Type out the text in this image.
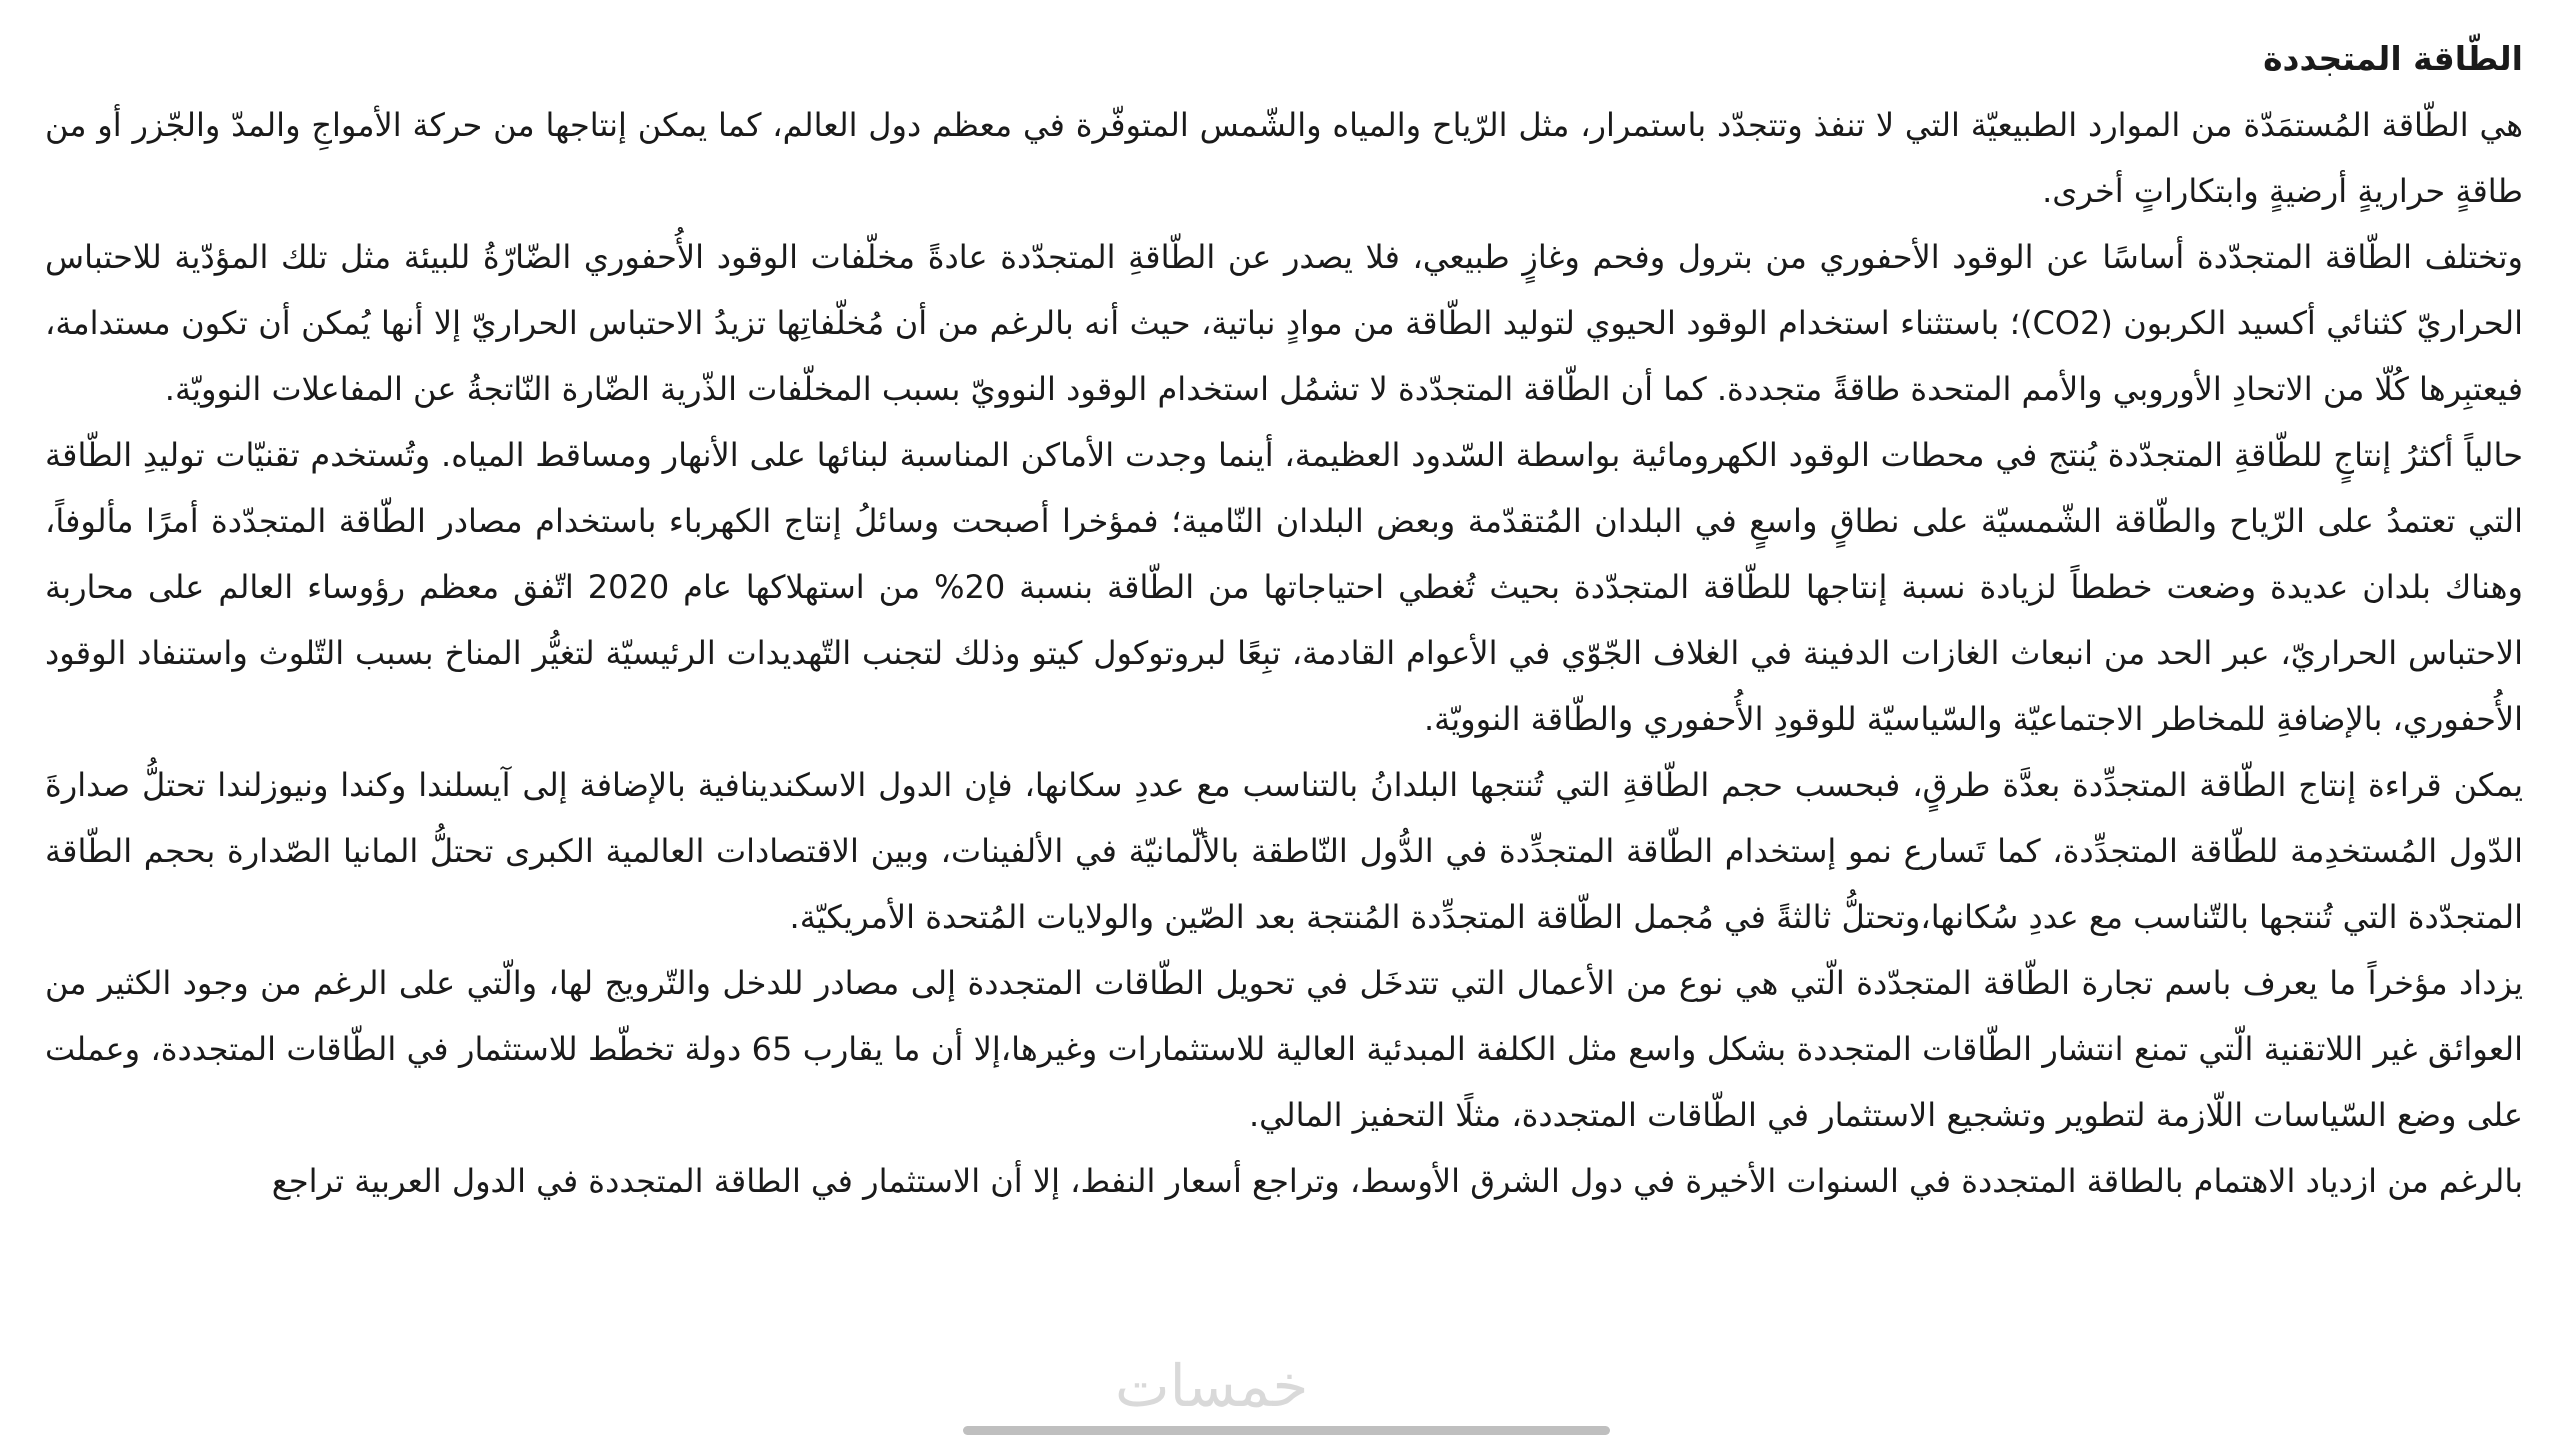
الطّاقة المتجددة

هي الطّاقة المُستمَدّة من الموارد الطبيعيّة التي لا تنفذ وتتجدّد باستمرار، مثل الرّياح والمياه والشّمس المتوفّرة في معظم دول العالم، كما يمكن إنتاجها من حركة الأمواجِ والمدّ والجّزر أو من طاقةٍ حراريةٍ أرضيةٍ وابتكاراتٍ أخرى.

وتختلف الطّاقة المتجدّدة أساسًا عن الوقود الأحفوري من بترول وفحم وغازٍ طبيعي، فلا يصدر عن الطّاقةِ المتجدّدة عادةً مخلّفات الوقود الأُحفوري الضّارّةُ للبيئة مثل تلك المؤدّية للاحتباس الحراريّ كثنائي أكسيد الكربون (CO2)؛ باستثناء استخدام الوقود الحيوي لتوليد الطّاقة من موادٍ نباتية، حيث أنه بالرغم من أن مُخلّفاتِها تزيدُ الاحتباس الحراريّ إلا أنها يُمكن أن تكون مستدامة، فيعتبِرها كُلّا من الاتحادِ الأوروبي والأمم المتحدة طاقةً متجددة. كما أن الطّاقة المتجدّدة لا تشمُل استخدام الوقود النوويّ بسبب المخلّفات الذّرية الضّارة النّاتجةُ عن المفاعلات النوويّة.

حالياً أكثرُ إنتاجٍ للطّاقةِ المتجدّدة يُنتج في محطات الوقود الكهرومائية بواسطة السّدود العظيمة، أينما وجدت الأماكن المناسبة لبنائها على الأنهار ومساقط المياه. وتُستخدم تقنيّات توليدِ الطّاقة التي تعتمدُ على الرّياح والطّاقة الشّمسيّة على نطاقٍ واسعٍ في البلدان المُتقدّمة وبعض البلدان النّامية؛ فمؤخرا أصبحت وسائلُ إنتاج الكهرباء باستخدام مصادر الطّاقة المتجدّدة أمرًا مألوفاً، وهناك بلدان عديدة وضعت خططاً لزيادة نسبة إنتاجها للطّاقة المتجدّدة بحيث تُغطي احتياجاتها من الطّاقة بنسبة 20% من استهلاكها عام 2020 اتّفق معظم رؤوساء العالم على محاربة الاحتباس الحراريّ، عبر الحد من انبعاث الغازات الدفينة في الغلاف الجّوّي في الأعوام القادمة، تبِعًا لبروتوكول كيتو وذلك لتجنب التّهديدات الرئيسيّة لتغيُّر المناخ بسبب التّلوث واستنفاد الوقود الأُحفوري، بالإضافةِ للمخاطر الاجتماعيّة والسّياسيّة للوقودِ الأُحفوري والطّاقة النوويّة.

يمكن قراءة إنتاج الطّاقة المتجدِّدة بعدَّة طرقٍ، فبحسب حجم الطّاقةِ التي تُنتجها البلدانُ بالتناسب مع عددِ سكانها، فإن الدول الاسكندينافية بالإضافة إلى آيسلندا وكندا ونيوزلندا تحتلُّ صدارةَ الدّول المُستخدِمة للطّاقة المتجدِّدة، كما تَسارع نمو إستخدام الطّاقة المتجدِّدة في الدُّول النّاطقة بالألّمانيّة في الألفينات، وبين الاقتصادات العالمية الكبرى تحتلُّ المانيا الصّدارة بحجم الطّاقة المتجدّدة التي تُنتجها بالتّناسب مع عددِ سُكانها،وتحتلُّ ثالثةً في مُجمل الطّاقة المتجدِّدة المُنتجة بعد الصّين والولايات المُتحدة الأمريكيّة.

يزداد مؤخراً ما يعرف باسم تجارة الطّاقة المتجدّدة الّتي هي نوع من الأعمال التي تتدخَل في تحويل الطّاقات المتجددة إلى مصادر للدخل والتّرويج لها، والّتي على الرغم من وجود الكثير من العوائق غير اللاتقنية الّتي تمنع انتشار الطّاقات المتجددة بشكل واسع مثل الكلفة المبدئية العالية للاستثمارات وغيرها،إلا أن ما يقارب 65 دولة تخطّط للاستثمار في الطّاقات المتجددة، وعملت على وضع السّياسات اللّازمة لتطوير وتشجيع الاستثمار في الطّاقات المتجددة، مثلًا التحفيز المالي.

بالرغم من ازدياد الاهتمام بالطاقة المتجددة في السنوات الأخيرة في دول الشرق الأوسط، وتراجع أسعار النفط، إلا أن الاستثمار في الطاقة المتجددة في الدول العربية تراجع

خمسات
